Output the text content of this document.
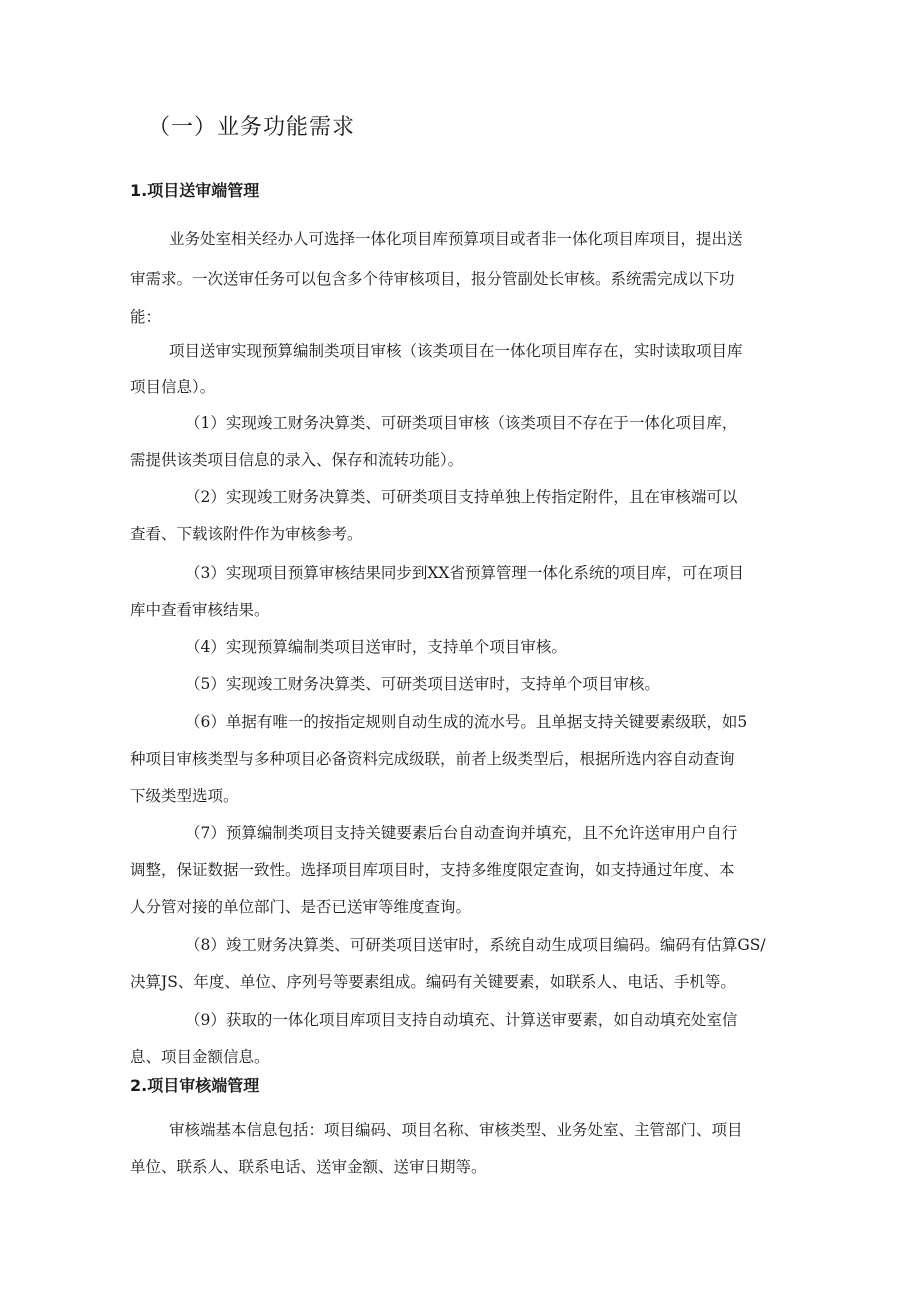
（一）业务功能需求
1.项目送审端管理
业务处室相关经办人可选择一体化项目库预算项目或者非一体化项目库项目，提出送
审需求。一次送审任务可以包含多个待审核项目，报分管副处长审核。系统需完成以下功
能：
项目送审实现预算编制类项目审核（该类项目在一体化项目库存在，实时读取项目库
项目信息）。
（1）实现竣工财务决算类、可研类项目审核（该类项目不存在于一体化项目库，
需提供该类项目信息的录入、保存和流转功能）。
（2）实现竣工财务决算类、可研类项目支持单独上传指定附件，且在审核端可以
查看、下载该附件作为审核参考。
（3）实现项目预算审核结果同步到XX省预算管理一体化系统的项目库，可在项目
库中查看审核结果。
（4）实现预算编制类项目送审时，支持单个项目审核。
（5）实现竣工财务决算类、可研类项目送审时，支持单个项目审核。
（6）单据有唯一的按指定规则自动生成的流水号。且单据支持关键要素级联，如5
种项目审核类型与多种项目必备资料完成级联，前者上级类型后，根据所选内容自动查询
下级类型选项。
（7）预算编制类项目支持关键要素后台自动查询并填充，且不允许送审用户自行
调整，保证数据一致性。选择项目库项目时，支持多维度限定查询，如支持通过年度、本
人分管对接的单位部门、是否已送审等维度查询。
（8）竣工财务决算类、可研类项目送审时，系统自动生成项目编码。编码有估算GS/
决算JS、年度、单位、序列号等要素组成。编码有关键要素，如联系人、电话、手机等。
（9）获取的一体化项目库项目支持自动填充、计算送审要素，如自动填充处室信
息、项目金额信息。
2.项目审核端管理
审核端基本信息包括：项目编码、项目名称、审核类型、业务处室、主管部门、项目
单位、联系人、联系电话、送审金额、送审日期等。
